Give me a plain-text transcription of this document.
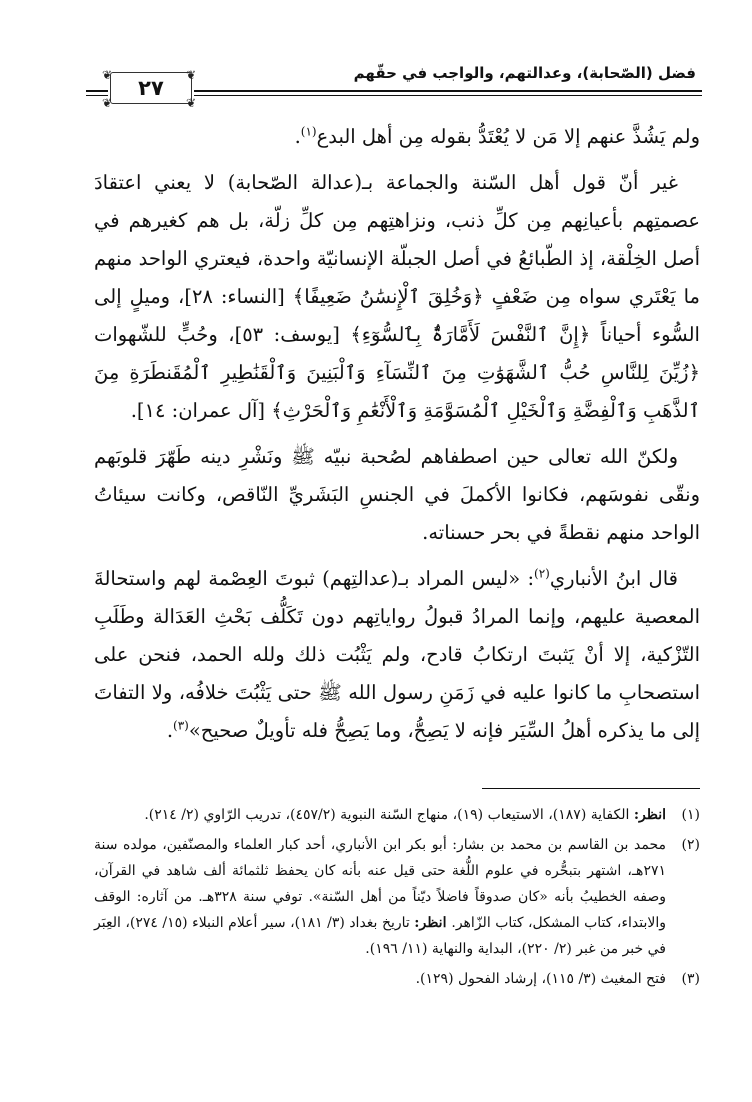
فضل (الصّحابة)، وعدالتهم، والواجب في حقّهم
٢٧
❦	❦
❦	❦

ولم يَشُذَّ عنهم إلا مَن لا يُعْتَدُّ بقوله مِن أهل البدع$^{(١)}$.

غير أنّ قول أهل السّنة والجماعة بـ(عدالة الصّحابة) لا يعني اعتقادَ عصمتِهم بأعيانِهم مِن كلِّ ذنب، ونزاهتِهم مِن كلِّ زلّة، بل هم كغيرهم في أصل الخِلْقة، إذ الطّبائعُ في أصل الجبلّة الإنسانيّة واحدة، فيعتري الواحد منهم ما يَعْتَري سواه مِن ضَعْفٍ ﴿وَخُلِقَ ٱلْإِنسَٰنُ ضَعِيفًا﴾ [النساء: ٢٨]، وميلٍ إلى السُّوء أحياناً ﴿إِنَّ ٱلنَّفْسَ لَأَمَّارَةٌۢ بِٱلسُّوٓءِ﴾ [يوسف: ٥٣]، وحُبٍّ للشّهوات ﴿زُيِّنَ لِلنَّاسِ حُبُّ ٱلشَّهَوَٰتِ مِنَ ٱلنِّسَآءِ وَٱلْبَنِينَ وَٱلْقَنَٰطِيرِ ٱلْمُقَنطَرَةِ مِنَ ٱلذَّهَبِ وَٱلْفِضَّةِ وَٱلْخَيْلِ ٱلْمُسَوَّمَةِ وَٱلْأَنْعَٰمِ وَٱلْحَرْثِ﴾ [آل عمران: ١٤].

ولكنّ الله تعالى حين اصطفاهم لصُحبة نبيّه ﷺ ونَشْرِ دينه طَهّرَ قلوبَهم ونقّى نفوسَهم، فكانوا الأكملَ في الجنسِ البَشَريِّ النّاقص، وكانت سيئاتُ الواحد منهم نقطةً في بحر حسناته.

قال ابنُ الأنباري$^{(٢)}$: «ليس المراد بـ(عدالتِهم) ثبوتَ العِصْمة لهم واستحالةَ المعصية عليهم، وإنما المرادُ قبولُ رواياتِهم دون تَكَلُّف بَحْثِ العَدَالة وطَلَبِ التّزْكية، إلا أنْ يَثبتَ ارتكابُ قادح، ولم يَثْبُت ذلك ولله الحمد، فنحن على استصحابِ ما كانوا عليه في زَمَنِ رسول الله ﷺ حتى يَثْبُتَ خلافُه، ولا التفاتَ إلى ما يذكره أهلُ السِّيَر فإنه لا يَصِحُّ، وما يَصِحُّ فله تأويلٌ صحيح»$^{(٣)}$.

(١)
انظر: الكفاية (١٨٧)، الاستيعاب (١٩)، منهاج السّنة النبوية (٤٥٧/٢)، تدريب الرّاوي (٢/ ٢١٤).
(٢)
محمد بن القاسم بن محمد بن بشار: أبو بكر ابن الأنباري، أحد كبار العلماء والمصنّفين، مولده سنة ٢٧١هـ، اشتهر بتبحُّره في علوم اللُّغة حتى قيل عنه بأنه كان يحفظ ثلثمائة ألف شاهد في القرآن، وصفه الخطيبُ بأنه «كان صدوقاً فاضلاً ديّناً من أهل السّنة». توفي سنة ٣٢٨هـ. من آثاره: الوقف والابتداء، كتاب المشكل، كتاب الزّاهر. انظر: تاريخ بغداد (٣/ ١٨١)، سير أعلام النبلاء (١٥/ ٢٧٤)، العِبَر في خبر من غبر (٢/ ٢٢٠)، البداية والنهاية (١١/ ١٩٦).
(٣)
فتح المغيث (٣/ ١١٥)، إرشاد الفحول (١٢٩).
